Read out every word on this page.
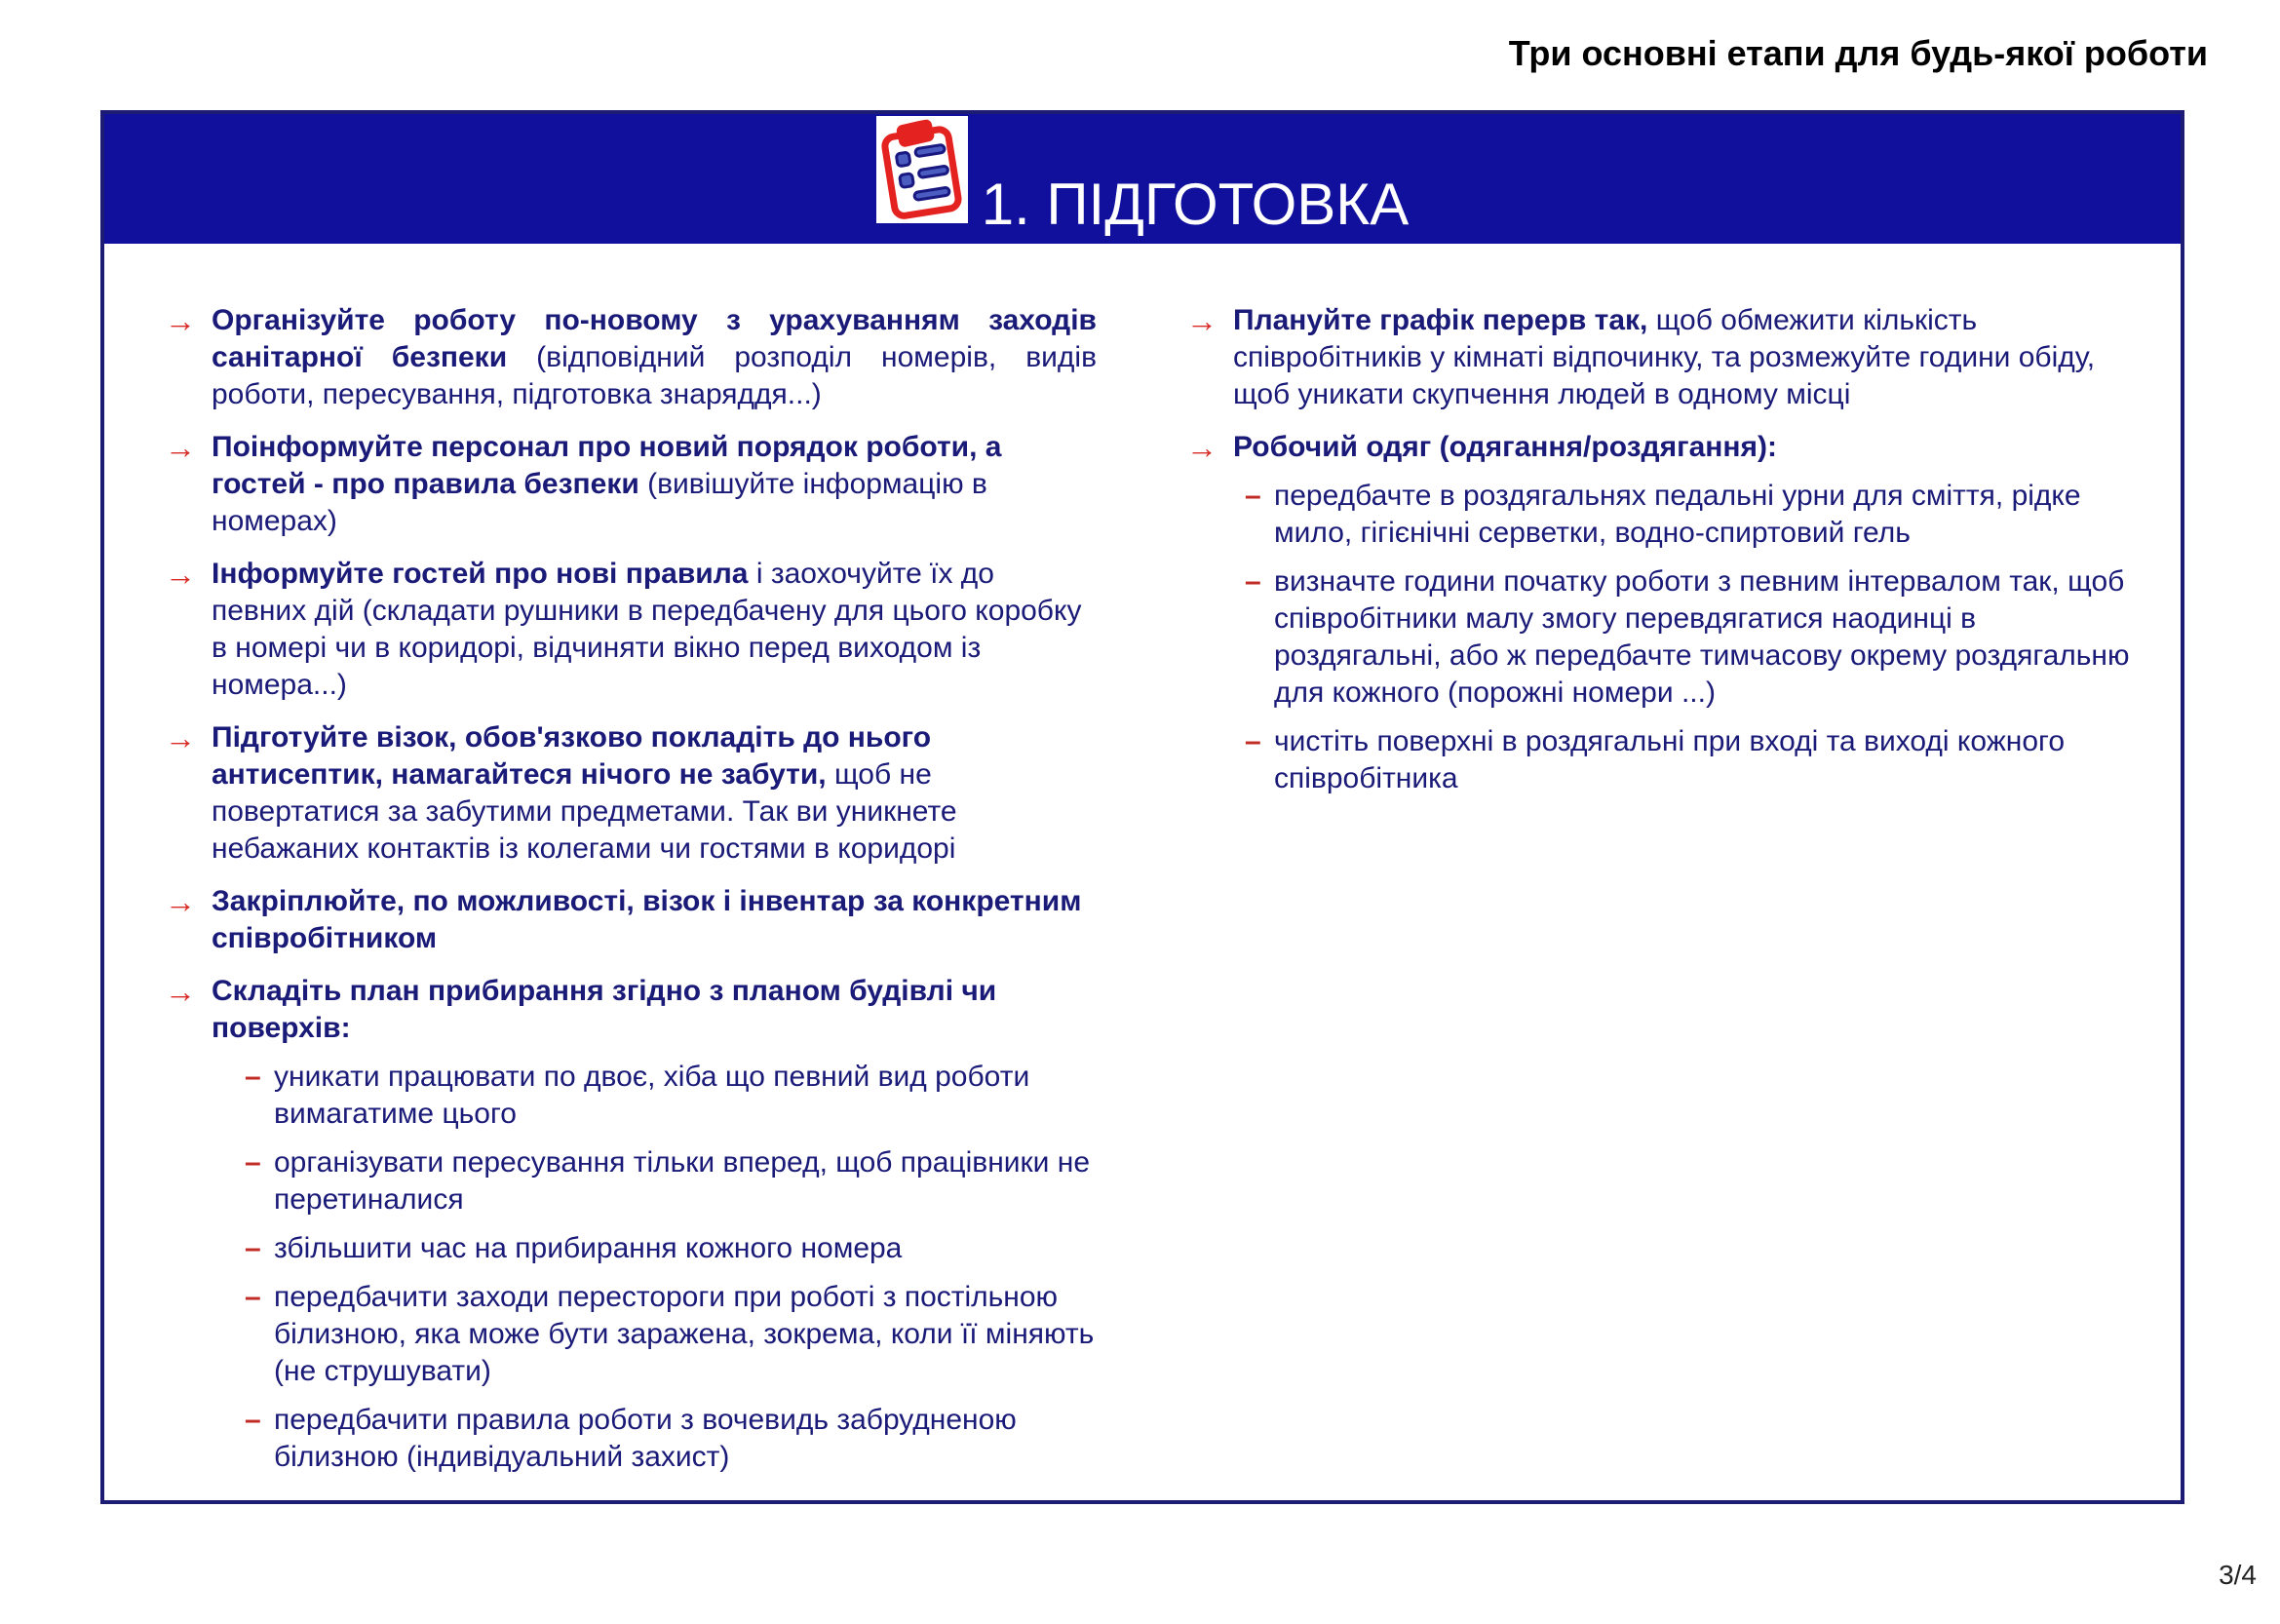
Три основні етапи для будь-якої роботи
1. ПІДГОТОВКА
→ Організуйте роботу по-новому з урахуванням заходів санітарної безпеки (відповідний розподіл номерів, видів роботи, пересування, підготовка знаряддя...)
→ Поінформуйте персонал про новий порядок роботи, а гостей - про правила безпеки (вивішуйте інформацію в номерах)
→ Інформуйте гостей про нові правила і заохочуйте їх до певних дій (складати рушники в передбачену для цього коробку в номері чи в коридорі, відчиняти вікно перед виходом із номера...)
→ Підготуйте візок, обов'язково покладіть до нього антисептик, намагайтеся нічого не забути, щоб не повертатися за забутими предметами. Так ви уникнете небажаних контактів із колегами чи гостями в коридорі
→ Закріплюйте, по можливості, візок і інвентар за конкретним співробітником
→ Складіть план прибирання згідно з планом будівлі чи поверхів:
– уникати працювати по двоє, хіба що певний вид роботи вимагатиме цього
– організувати пересування тільки вперед, щоб працівники не перетиналися
– збільшити час на прибирання кожного номера
– передбачити заходи перестороги при роботі з постільною білизною, яка може бути заражена, зокрема, коли її міняють (не струшувати)
– передбачити правила роботи з вочевидь забрудненою білизною (індивідуальний захист)
→ Плануйте графік перерв так, щоб обмежити кількість співробітників у кімнаті відпочинку, та розмежуйте години обіду, щоб уникати скупчення людей в одному місці
→ Робочий одяг (одягання/роздягання):
– передбачте в роздягальнях педальні урни для сміття, рідке мило, гігієнічні серветки, водно-спиртовий гель
– визначте години початку роботи з певним інтервалом так, щоб співробітники малу змогу перевдягатися наодинці в роздягальні, або ж передбачте тимчасову окрему роздягальню для кожного (порожні номери ...)
– чистіть поверхні в роздягальні при вході та виході кожного співробітника
3/4
